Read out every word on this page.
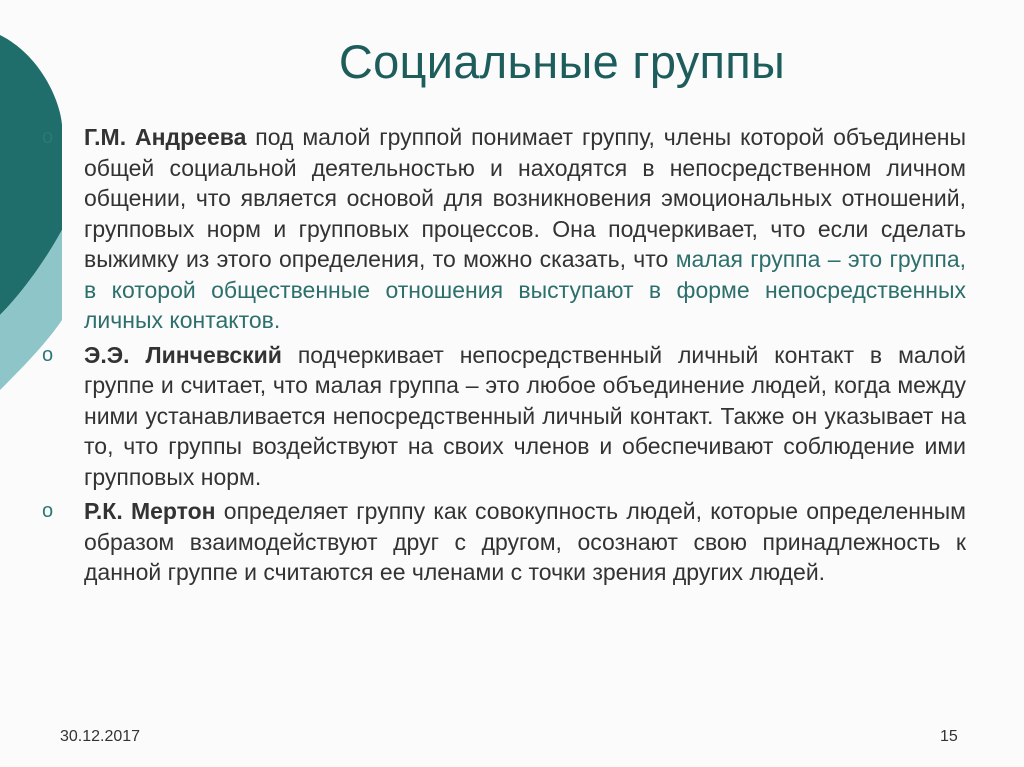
Социальные группы
o Г.М. Андреева под малой группой понимает группу, члены которой объединены общей социальной деятельностью и находятся в непосредственном личном общении, что является основой для возникновения эмоциональных отношений, групповых норм и групповых процессов. Она подчеркивает, что если сделать выжимку из этого определения, то можно сказать, что малая группа – это группа, в которой общественные отношения выступают в форме непосредственных личных контактов.
o Э.Э. Линчевский подчеркивает непосредственный личный контакт в малой группе и считает, что малая группа – это любое объединение людей, когда между ними устанавливается непосредственный личный контакт. Также он указывает на то, что группы воздействуют на своих членов и обеспечивают соблюдение ими групповых норм.
o Р.К. Мертон определяет группу как совокупность людей, которые определенным образом взаимодействуют друг с другом, осознают свою принадлежность к данной группе и считаются ее членами с точки зрения других людей.
30.12.2017	15
